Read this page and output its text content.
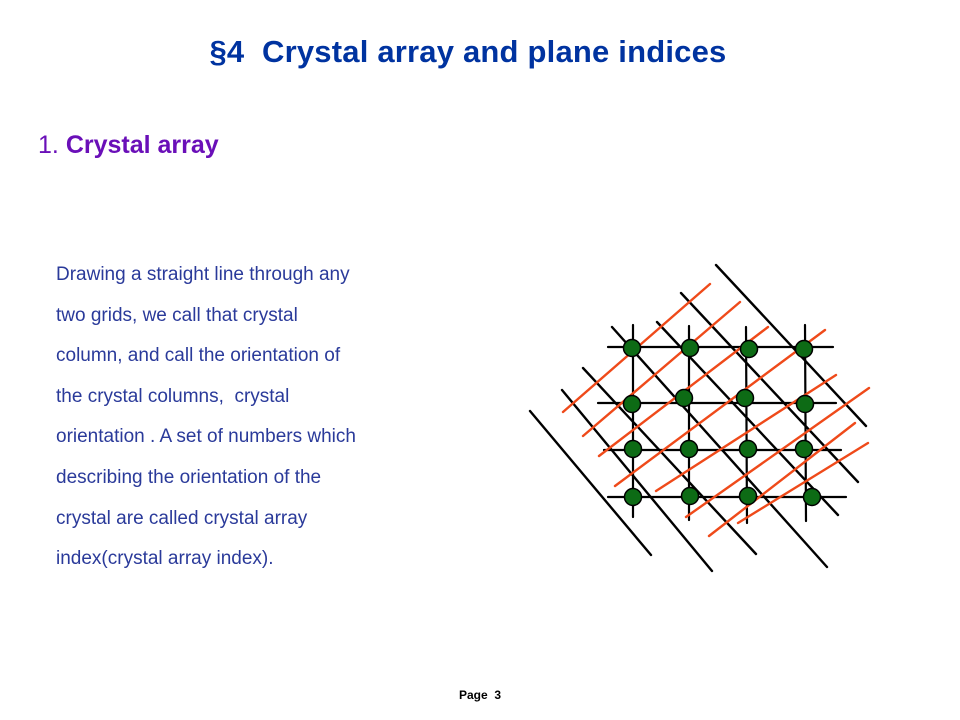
§4  Crystal array and plane indices
1. Crystal array
Drawing a straight line through any
two grids, we call that crystal
column, and call the orientation of
the crystal columns,  crystal
orientation . A set of numbers which
describing the orientation of the
crystal are called crystal array
index(crystal array index).
Page  3
